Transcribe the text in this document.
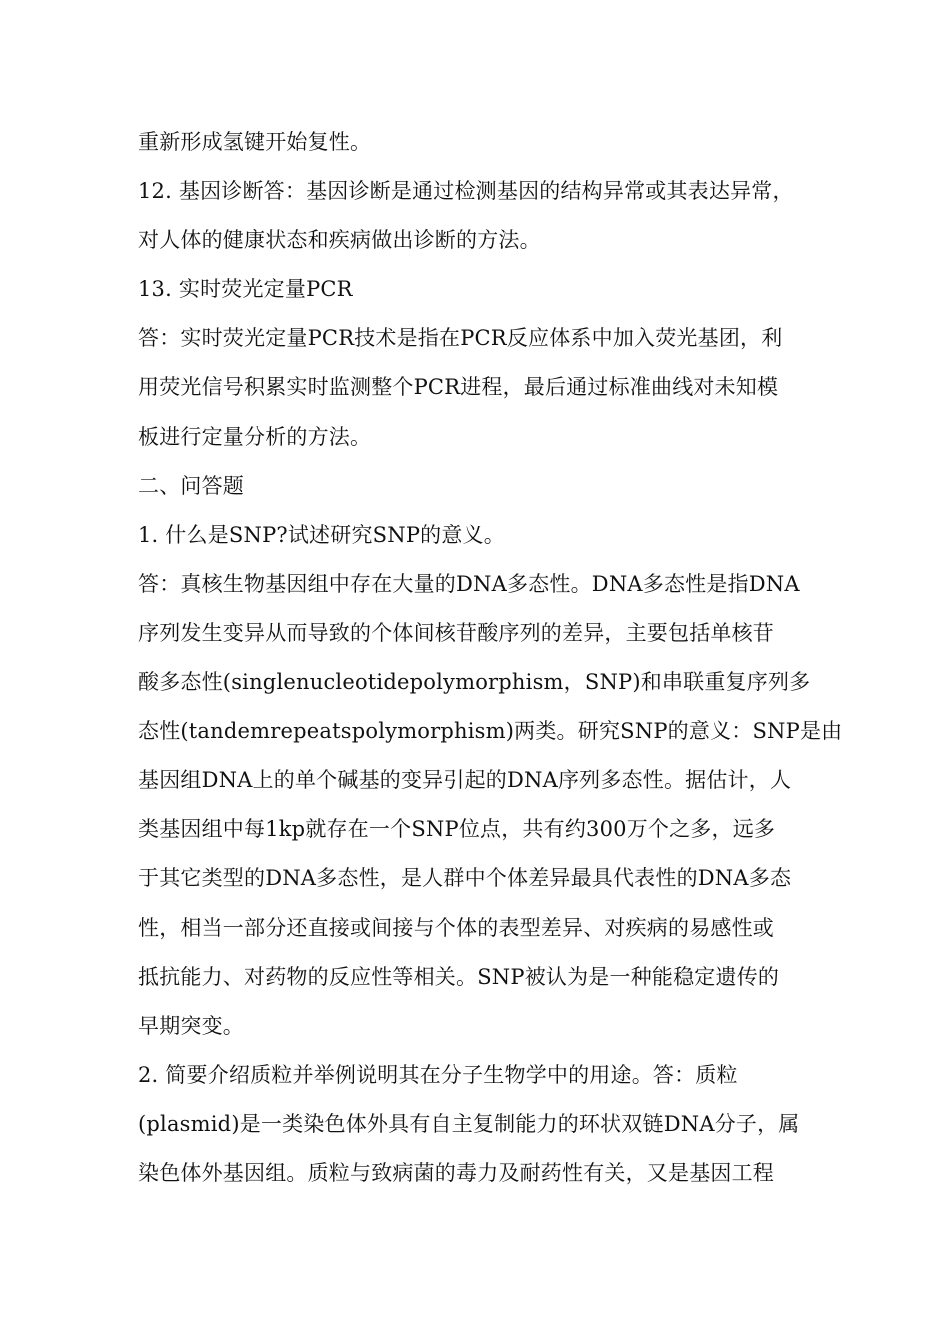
重新形成氢键开始复性。
12. 基因诊断答：基因诊断是通过检测基因的结构异常或其表达异常，
对人体的健康状态和疾病做出诊断的方法。
13. 实时荧光定量PCR
答：实时荧光定量PCR技术是指在PCR反应体系中加入荧光基团，利
用荧光信号积累实时监测整个PCR进程，最后通过标准曲线对未知模
板进行定量分析的方法。
二、问答题
1. 什么是SNP?试述研究SNP的意义。
答：真核生物基因组中存在大量的DNA多态性。DNA多态性是指DNA
序列发生变异从而导致的个体间核苷酸序列的差异，主要包括单核苷
酸多态性(singlenucleotidepolymorphism，SNP)和串联重复序列多
态性(tandemrepeatspolymorphism)两类。研究SNP的意义：SNP是由
基因组DNA上的单个碱基的变异引起的DNA序列多态性。据估计，人
类基因组中每1kp就存在一个SNP位点，共有约300万个之多，远多
于其它类型的DNA多态性，是人群中个体差异最具代表性的DNA多态
性，相当一部分还直接或间接与个体的表型差异、对疾病的易感性或
抵抗能力、对药物的反应性等相关。SNP被认为是一种能稳定遗传的
早期突变。
2. 简要介绍质粒并举例说明其在分子生物学中的用途。答：质粒
(plasmid)是一类染色体外具有自主复制能力的环状双链DNA分子，属
染色体外基因组。质粒与致病菌的毒力及耐药性有关，又是基因工程
